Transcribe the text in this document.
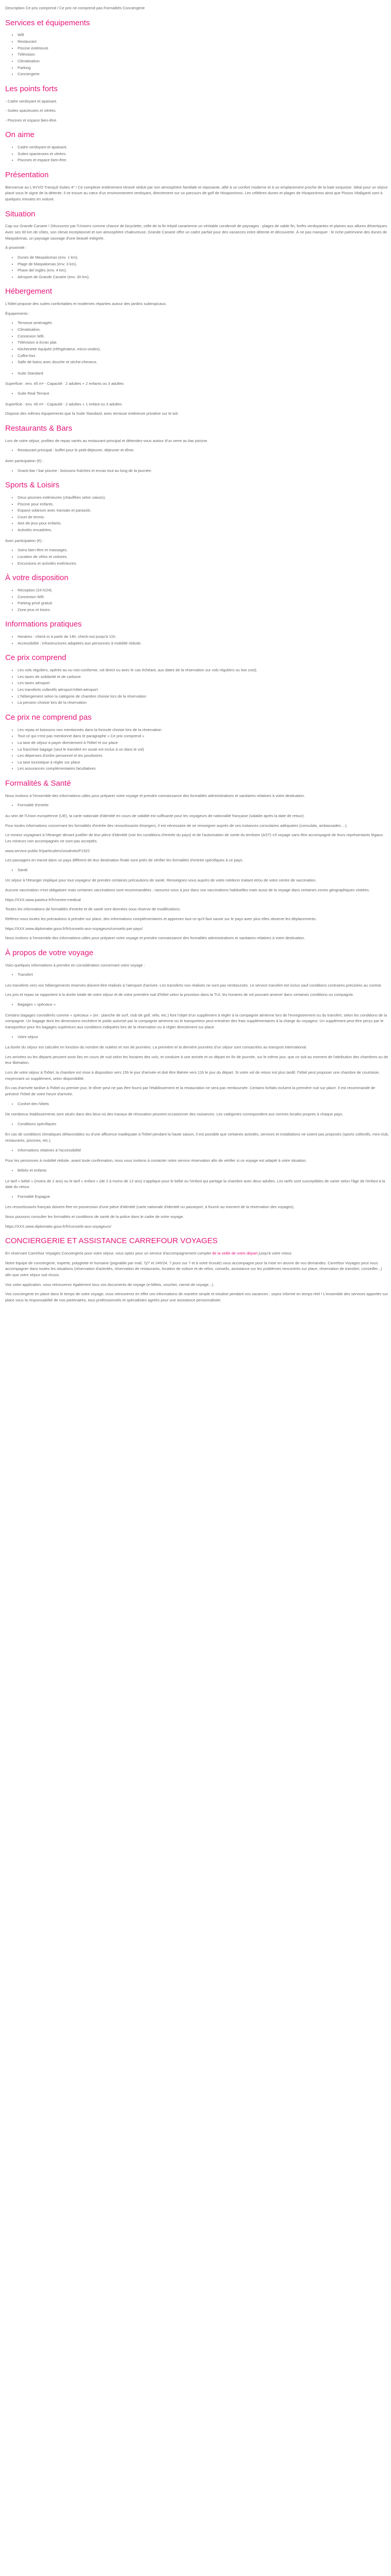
Description Ce prix comprend / Ce prix ne comprend pas Formalités Conciergerie

Services et équipements
• Wifi
• Restaurant
• Piscine extérieure
• Télévision
• Climatisation
• Parking
• Conciergerie
Les points forts

- Cadre verdoyant et apaisant.

- Suites spacieuses et vitrées.

- Piscines et espace bien-être.

On aime
• Cadre verdoyant et apaisant.
• Suites spacieuses et vitrées.
• Piscines et espace bien-être.
Présentation

Bienvenue au L'AYVO Tranquil Suites 4* ! Ce complexe entièrement rénové séduit par son atmosphère familiale et reposante, allié à un confort moderne et à un emplacement proche de la baie turquoise. Idéal pour un séjour placé sous le signe de la détente, il se trouve au cœur d'un environnement verdoyant, directement sur un parcours de golf de Hisaponimos. Les célèbres dunes et plages de Hisaponimos ainsi que Pissos Vitaliganti sont à quelques minutes en voiture.

Situation

Cap sur Grande Canarie ! Découvrez par l'Univers comme chance de bicyclette, celle de la fin trépid canarienne un véritable condensé de paysages : plages de sable fin, forêts verdoyantes et plaines aux allures désertiques. Avec ses 60 km de côtes, son climat exceptionnel et son atmosphère chaleureuse, Grande Canarie offre un cadre parfait pour des vacances entre détente et découverte. À ne pas manquer : le riche patrimoine des dunes de Maspalomas, un paysage sauvage d'une beauté intégrée.

À proximité :

• Dunes de Maspalomas (env. 1 km).
• Plage de Maspalomas (env. 3 km).
• Phare del Inglés (env. 4 km).
• Aéroport de Grande Canarie (env. 30 km).
Hébergement

L'hôtel propose des suites confortables et modernes réparties autour des jardins subtropicaux.

Équipements :

• Terrasse aménagée.
• Climatisation.
• Connexion Wifi.
• Télévision à écran plat.
• Kitchenette équipée (réfrigérateur, micro-ondes).
• Coffre-fort.
• Salle de bains avec douche et sèche-cheveux.
• Suite Standard

Superficie : env. 45 m² - Capacité : 2 adultes + 2 enfants ou 3 adultes

• Suite Real Terrace

Superficie : env. 45 m² - Capacité : 2 adultes + 1 enfant ou 3 adultes

Dispose des mêmes équipements que la Suite Standard, avec terrasse extérieure privative sur le toit.

Restaurants & Bars

Lors de votre séjour, profitez de repas variés au restaurant principal et détendez-vous autour d'un verre au bar piscine.

• Restaurant principal : buffet pour le petit-déjeuner, déjeuner et dîner.

Avec participation (€) :

• Snack-bar / bar piscine : boissons fraîches et encas tout au long de la journée.
Sports & Loisirs
• Deux piscines extérieures (chauffées selon saison).
• Piscine pour enfants.
• Espace solarium avec transats et parasols.
• Court de tennis.
• Aire de jeux pour enfants.
• Activités encadrées.

Avec participation (€) :

• Soins bien-être et massages.
• Location de vélos et voitures.
• Excursions et activités extérieures.
À votre disposition
• Réception (24 h/24).
• Connexion Wifi.
• Parking privé gratuit.
• Zone jeux et loisirs.
Informations pratiques
• Horaires : check-in à partir de 14h, check-out jusqu'à 11h.
• Accessibilité : infrastructures adaptées aux personnes à mobilité réduite.
Ce prix comprend
• Les vols réguliers, opérés au ou non-conforme, vol direct ou avec le cas échéant, aux dates de la réservation sur vols réguliers ou low cost).
• Les taxes de solidarité et de carbone
• Les taxes aéroport
• Les transferts collectifs aéroport-hôtel-aéroport
• L'hébergement selon la catégorie de chambre choisie lors de la réservation
• La pension choisie lors de la réservation
Ce prix ne comprend pas
• Les repas et boissons non mentionnés dans la formule choisie lors de la réservation
• Tout ce qui n'est pas mentionné dans le paragraphe « Ce prix comprend »
• La taxe de séjour à payer directement à l'hôtel et sur place
• La franchise bagage (seul le transfert en soute est inclus à un dans le vol)
• Les dépenses d'ordre personnel et les pourboires
• La taxe touristique à régler sur place
• Les assurances complémentaires facultatives
Formalités & Santé

Nous invitons à l'ensemble des informations utiles pour préparer votre voyage et prendre connaissance des formalités administratives et sanitaires relatives à votre destination.

• Formalité d'entrée

Au sein de l'Union européenne (UE), la carte nationale d'identité en cours de validité est suffisante pour les voyageurs de nationalité française (valable après la date de retour).

Pour toutes informations concernant les formalités d'entrée des ressortissants étrangers, il est nécessaire de se renseigner auprès de ces instances consulaires adéquates (consulats, ambassades ...).

Le mineur voyageant à l'étranger devant justifier de leur pièce d'identité (voir les conditions d'entrée du pays) et de l'autorisation de sortie du territoire (AST) s'il voyage sans être accompagné de leurs représentants légaux. Les mineurs non accompagnés ne sont pas acceptés.

www.service-public.fr/particuliers/vosdroits/F1922

Les passagers en transit dans un pays différent de leur destination finale sont priés de vérifier les formalités d'entrée spécifiques à ce pays.

• Santé

Un séjour à l'étranger implique pour tout voyageur de prendre certaines précautions de santé. Renseignez-vous auprès de votre médecin traitant et/ou de votre centre de vaccination.

Aucune vaccination n'est obligatoire mais certaines vaccinations sont recommandées ; rassurez-vous à jour dans vos vaccinations habituelles mais aussi de la voyage dans certaines zones géographiques visitées.

https://XXX.www.pasteur.fr/fr/centre-medical

Toutes les informations de formalités d'entrée et de santé sont données sous réserve de modifications.

Référez-vous toutes les précautions à prendre sur place, des informations complémentaires et apprenez tout ce qu'il faut savoir sur le pays avec plus elles observe les déplacements.

https://XXX.www.diplomatie.gouv.fr/fr/conseils-aux-voyageurs/conseils-par-pays/

Nous invitons à l'ensemble des informations utiles pour préparer votre voyage et prendre connaissance des formalités administratives et sanitaires relatives à votre destination.

À propos de votre voyage

Voici quelques informations à prendre en considération concernant votre voyage :

• Transfert

Les transferts vers vos hébergements réservés doivent être réalisés à l'aéroport d'arrivée. Les transferts non réalisés ne sont pas remboursés. Le service transfert est inclus sauf conditions contraires précisées au contrat.

Les prix et repas se rapportent à la durée totale de votre séjour et de votre première nuit d'hôtel selon la provision dans la TUI, les horaires de vol pouvant amener dans certaines conditions ou compagnie.

• Bagages « spéciaux »

Certains bagages considérés comme « spéciaux » (ex : planche de surf, club de golf, vélo, etc.) font l'objet d'un supplément à régler à la compagnie aérienne lors de l'enregistrement ou du transfert, selon les conditions de la compagnie. Un bagage dont les dimensions excèdent le poids autorisé par la compagnie aérienne ou le transporteur peut entraîner des frais supplémentaires à la charge du voyageur. Un supplément peut être perçu par le transporteur pour les bagages supérieurs aux conditions indiquées lors de la réservation ou à régler directement sur place.

• Votre séjour

La durée du séjour est calculée en fonction du nombre de nuitées et non de journées. La première et la dernière journées d'un séjour sont consacrées au transport international.

Les arrivées ou les départs peuvent avoir lieu en cours de nuit selon les horaires des vols, et conduire à une arrivée et un départ en fin de journée, sur le même jour, que ce soit au moment de l'attribution des chambres ou de leur libération.

Lors de votre séjour à l'hôtel, la chambre est mise à disposition vers 15h le jour d'arrivée et doit être libérée vers 11h le jour du départ. Si votre vol de retour est plus tardif, l'hôtel peut proposer une chambre de courtoisie, moyennant un supplément, selon disponibilité.

En cas d'arrivée tardive à l'hôtel ou premier jour, le dîner peut ne pas être fourni par l'établissement et la restauration ne sera pas remboursée. Certains forfaits incluent la première nuit sur place. Il est recommandé de prévenir l'hôtel de votre heure d'arrivée.

• Confort des hôtels

De nombreux établissements sont situés dans des lieux où des travaux de rénovation peuvent occasionner des nuisances. Les catégories correspondent aux normes locales propres à chaque pays.

• Conditions spécifiques

En cas de conditions climatiques défavorables ou d'une affluence inadéquate à l'hôtel pendant la haute saison, il est possible que certaines activités, services et installations ne soient pas proposés (sports collectifs, mini-club, restaurants, piscines, etc.).

• Informations relatives à l'accessibilité

Pour les personnes à mobilité réduite, avant toute confirmation, nous vous invitons à contacter notre service réservation afin de vérifier si ce voyage est adapté à votre situation.

• Bébés et enfants

Le tarif « bébé » (moins de 2 ans) ou le tarif « enfant » (de 2 à moins de 12 ans) s'applique pour le bébé ou l'enfant qui partage la chambre avec deux adultes. Les tarifs sont susceptibles de varier selon l'âge de l'enfant à la date du retour.

• Formalité Espagne

Les ressortissants français doivent être en possession d'une pièce d'identité (carte nationale d'identité ou passeport, à fournir au moment de la réservation des voyages).

Nous pouvons consulter les formalités et conditions de santé de la police dans le cadre de votre voyage.

https://XXX.www.diplomatie.gouv.fr/fr/conseils-aux-voyageurs/

CONCIERGERIE ET ASSISTANCE CARREFOUR VOYAGES

En réservant Carrefour Voyages Conciergerie pour votre séjour, vous optez pour un service d'accompagnement complet de la veille de votre départ jusqu'à votre retour.

Notre équipe de conciergerie, experte, polyglotte et humaine (joignable par mail, 7j/7 et 24h/24, 7 jours sur 7 et à votre écoute) vous accompagne pour la mise en œuvre de vos demandes. Carrefour Voyages peut vous accompagner dans toutes les situations (réservation d'activités, réservation de restaurants, location de voiture et de vélos, conseils, assistance sur les problèmes rencontrés sur place, réservation de transfert, conseiller...) afin que votre séjour soit réussi.

Vos votre application, vous retrouverez également tous vos documents de voyage (e-billets, voucher, carnet de voyage...).

Vos conciergerie en place dans le temps de votre voyage, vous retrouverez en effet ces informations de manière simple et intuitive pendant vos vacances ; soyez informé en temps réel ! L'ensemble des services apportés sur place sous la responsabilité de nos partenaires, tous professionnels et spécialistes agréés pour une assistance personnalisée.
